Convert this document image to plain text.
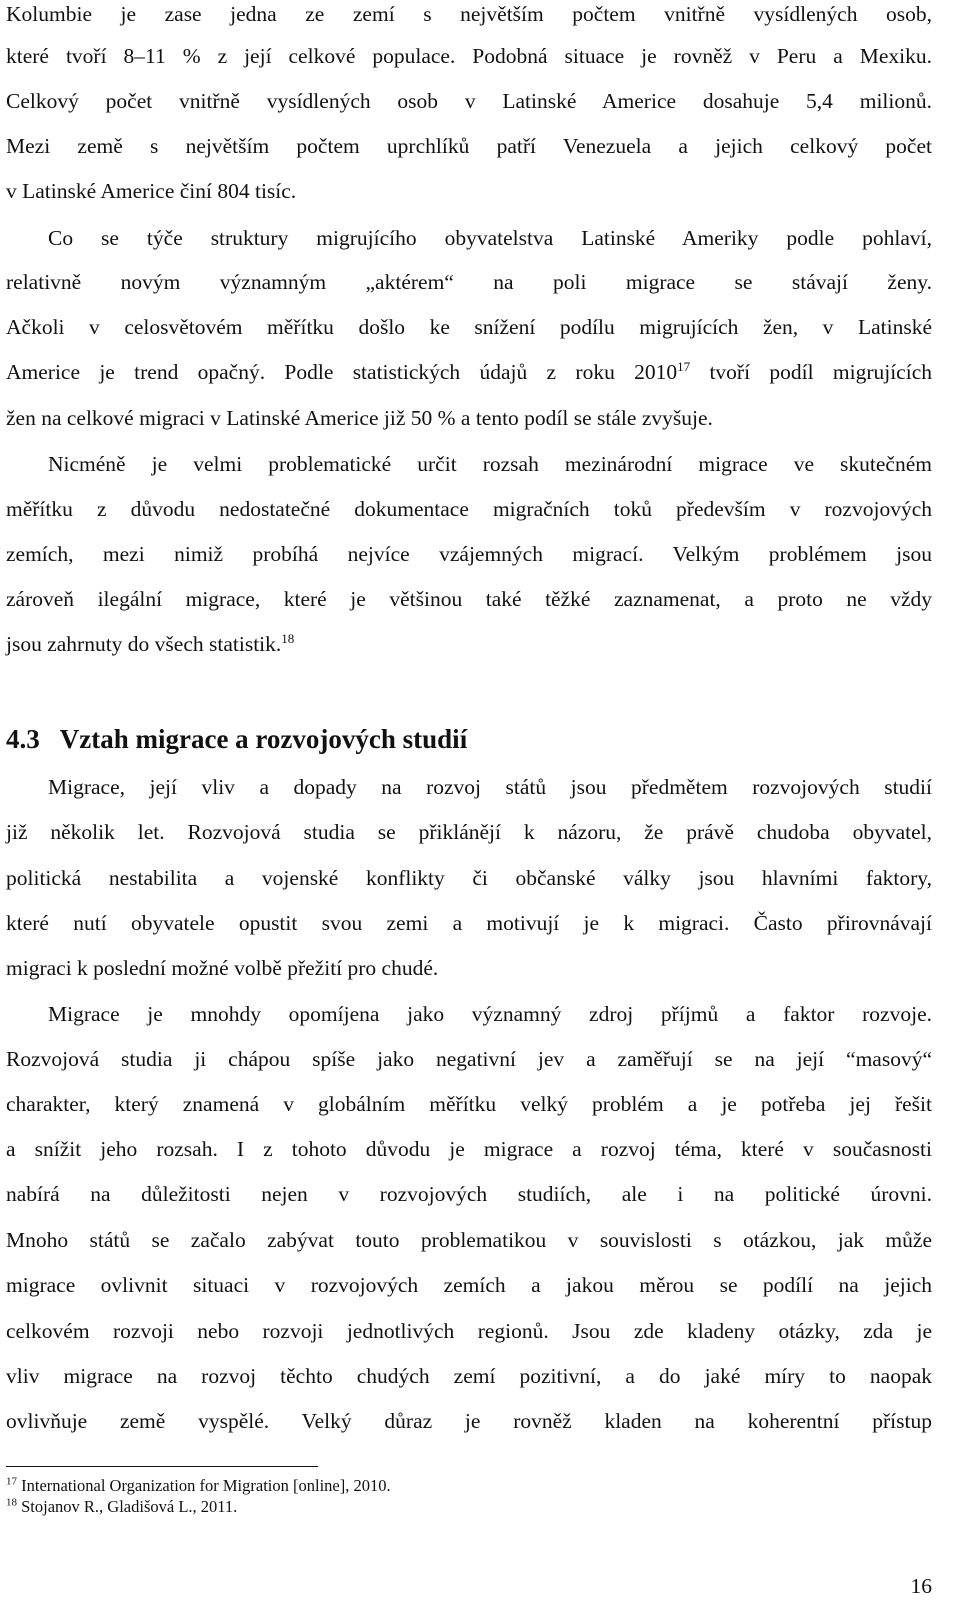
Kolumbie je zase jedna ze zemí s největším počtem vnitřně vysídlených osob,
které tvoří 8–11 % z její celkové populace. Podobná situace je rovněž v Peru a Mexiku.
Celkový počet vnitřně vysídlených osob v Latinské Americe dosahuje 5,4 milionů.
Mezi země s největším počtem uprchlíků patří Venezuela a jejich celkový počet
v Latinské Americe činí 804 tisíc.
Co se týče struktury migrujícího obyvatelstva Latinské Ameriky podle pohlaví,
relativně novým významným „aktérem“ na poli migrace se stávají ženy.
Ačkoli v celosvětovém měřítku došlo ke snížení podílu migrujících žen, v Latinské
Americe je trend opačný. Podle statistických údajů z roku 2010$^{17}$ tvoří podíl migrujících
žen na celkové migraci v Latinské Americe již 50 % a tento podíl se stále zvyšuje.
Nicméně je velmi problematické určit rozsah mezinárodní migrace ve skutečném
měřítku z důvodu nedostatečné dokumentace migračních toků především v rozvojových
zemích, mezi nimiž probíhá nejvíce vzájemných migrací. Velkým problémem jsou
zároveň ilegální migrace, které je většinou také těžké zaznamenat, a proto ne vždy
jsou zahrnuty do všech statistik.$^{18}$
4.3 Vztah migrace a rozvojových studií
Migrace, její vliv a dopady na rozvoj států jsou předmětem rozvojových studií
již několik let. Rozvojová studia se přiklánějí k názoru, že právě chudoba obyvatel,
politická nestabilita a vojenské konflikty či občanské války jsou hlavními faktory,
které nutí obyvatele opustit svou zemi a motivují je k migraci. Často přirovnávají
migraci k poslední možné volbě přežití pro chudé.
Migrace je mnohdy opomíjena jako významný zdroj příjmů a faktor rozvoje.
Rozvojová studia ji chápou spíše jako negativní jev a zaměřují se na její “masový“
charakter, který znamená v globálním měřítku velký problém a je potřeba jej řešit
a snížit jeho rozsah. I z tohoto důvodu je migrace a rozvoj téma, které v současnosti
nabírá na důležitosti nejen v rozvojových studiích, ale i na politické úrovni.
Mnoho států se začalo zabývat touto problematikou v souvislosti s otázkou, jak může
migrace ovlivnit situaci v rozvojových zemích a jakou měrou se podílí na jejich
celkovém rozvoji nebo rozvoji jednotlivých regionů. Jsou zde kladeny otázky, zda je
vliv migrace na rozvoj těchto chudých zemí pozitivní, a do jaké míry to naopak
ovlivňuje země vyspělé. Velký důraz je rovněž kladen na koherentní přístup
$^{17}$ International Organization for Migration [online], 2010.
$^{18}$ Stojanov R., Gladišová L., 2011.
16
